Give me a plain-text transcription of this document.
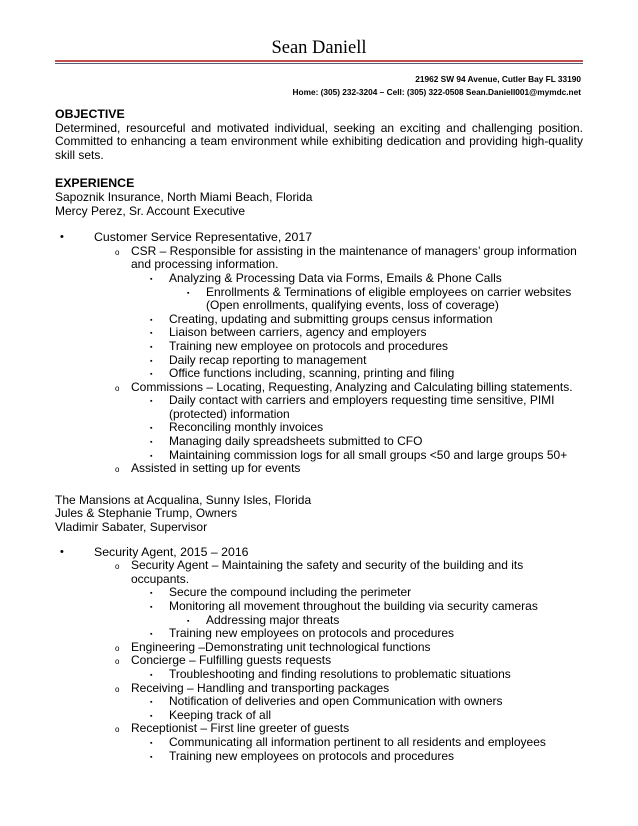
Sean Daniell
21962 SW 94 Avenue, Cutler Bay FL 33190
Home: (305) 232-3204 – Cell: (305) 322-0508 Sean.Daniell001@mymdc.net
OBJECTIVE
Determined, resourceful and motivated individual, seeking an exciting and challenging position. Committed to enhancing a team environment while exhibiting dedication and providing high-quality skill sets.
EXPERIENCE
Sapoznik Insurance, North Miami Beach, Florida
Mercy Perez, Sr. Account Executive
• Customer Service Representative, 2017
o CSR – Responsible for assisting in the maintenance of managers’ group information and processing information.
▪ Analyzing & Processing Data via Forms, Emails & Phone Calls
▪ Enrollments & Terminations of eligible employees on carrier websites (Open enrollments, qualifying events, loss of coverage)
▪ Creating, updating and submitting groups census information
▪ Liaison between carriers, agency and employers
▪ Training new employee on protocols and procedures
▪ Daily recap reporting to management
▪ Office functions including, scanning, printing and filing
o Commissions – Locating, Requesting, Analyzing and Calculating billing statements.
▪ Daily contact with carriers and employers requesting time sensitive, PIMI (protected) information
▪ Reconciling monthly invoices
▪ Managing daily spreadsheets submitted to CFO
▪ Maintaining commission logs for all small groups <50 and large groups 50+
o Assisted in setting up for events
The Mansions at Acqualina, Sunny Isles, Florida
Jules & Stephanie Trump, Owners
Vladimir Sabater, Supervisor
• Security Agent, 2015 – 2016
o Security Agent – Maintaining the safety and security of the building and its occupants.
▪ Secure the compound including the perimeter
▪ Monitoring all movement throughout the building via security cameras
▪ Addressing major threats
▪ Training new employees on protocols and procedures
o Engineering –Demonstrating unit technological functions
o Concierge – Fulfilling guests requests
▪ Troubleshooting and finding resolutions to problematic situations
o Receiving – Handling and transporting packages
▪ Notification of deliveries and open Communication with owners
▪ Keeping track of all
o Receptionist – First line greeter of guests
▪ Communicating all information pertinent to all residents and employees
▪ Training new employees on protocols and procedures
